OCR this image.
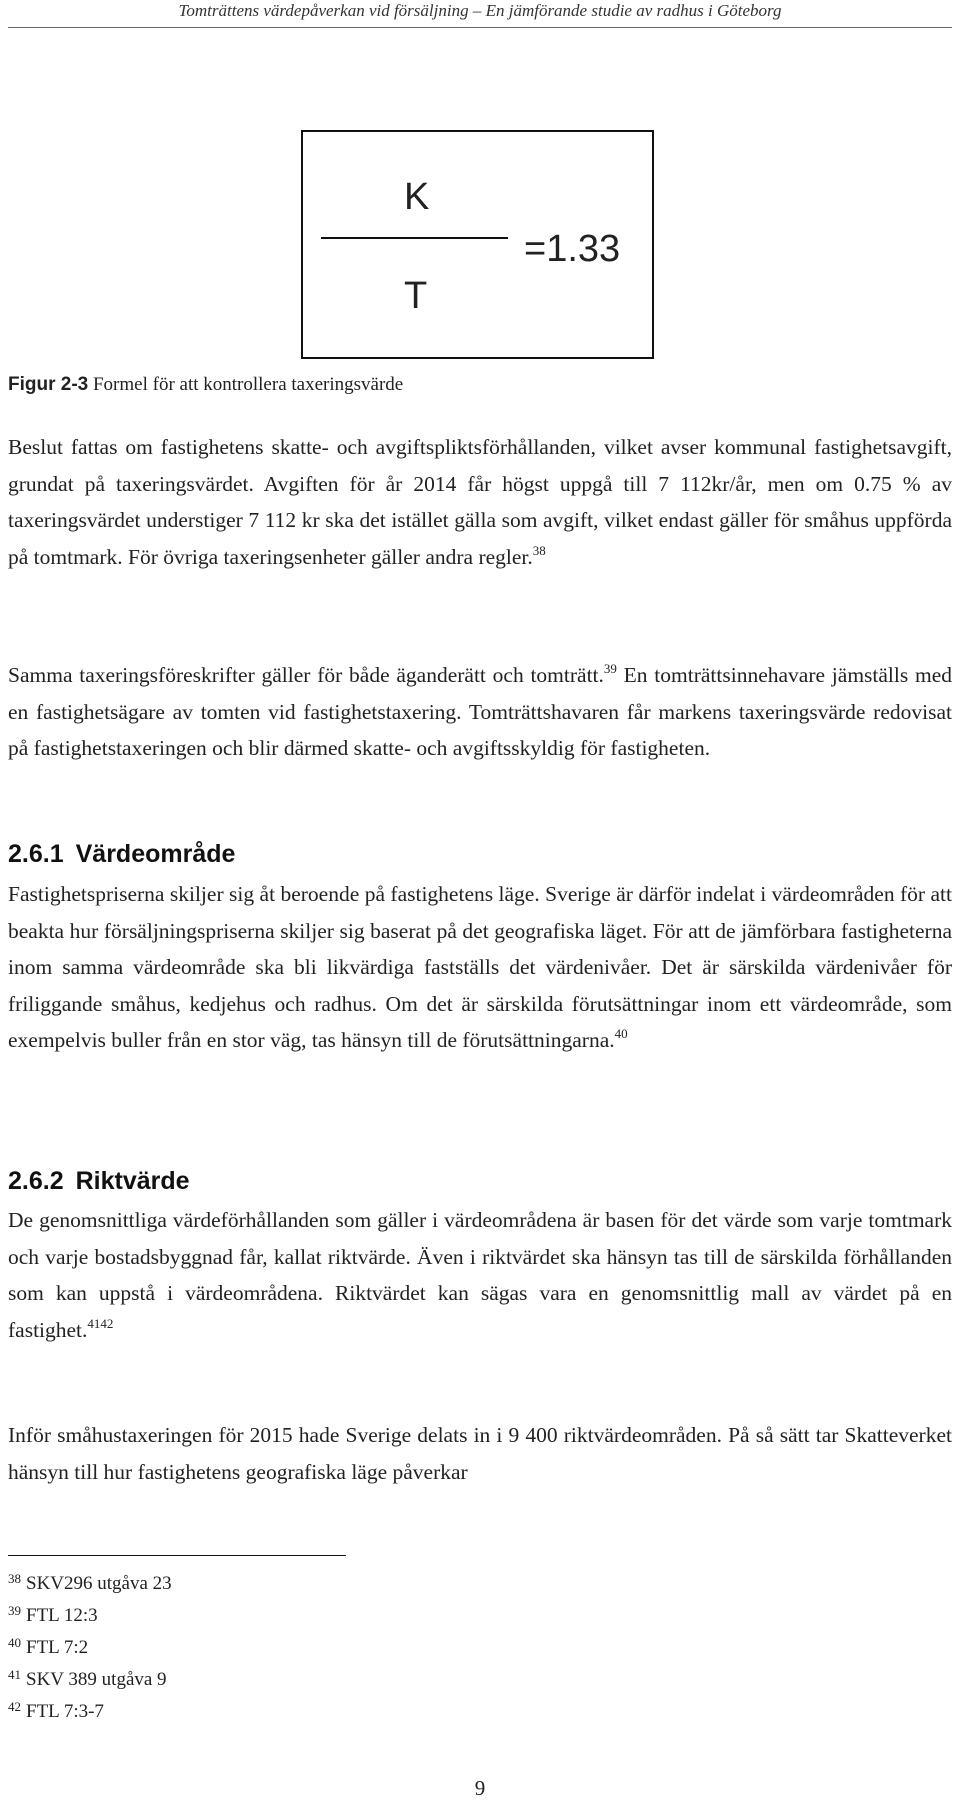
Tomträttens värdepåverkan vid försäljning – En jämförande studie av radhus i Göteborg
K
=1.33
T
Figur 2-3 Formel för att kontrollera taxeringsvärde

Beslut fattas om fastighetens skatte- och avgiftspliktsförhållanden, vilket avser kommunal fastighetsavgift, grundat på taxeringsvärdet. Avgiften för år 2014 får högst uppgå till 7 112kr/år, men om 0.75 % av taxeringsvärdet understiger 7 112 kr ska det istället gälla som avgift, vilket endast gäller för småhus uppförda på tomtmark. För övriga taxeringsenheter gäller andra regler.$^{38}$

Samma taxeringsföreskrifter gäller för både äganderätt och tomträtt.$^{39}$ En tomträttsinnehavare jämställs med en fastighetsägare av tomten vid fastighetstaxering. Tomträttshavaren får markens taxeringsvärde redovisat på fastighetstaxeringen och blir därmed skatte- och avgiftsskyldig för fastigheten.

2.6.1 Värdeområde

Fastighetspriserna skiljer sig åt beroende på fastighetens läge. Sverige är därför indelat i värdeområden för att beakta hur försäljningspriserna skiljer sig baserat på det geografiska läget. För att de jämförbara fastigheterna inom samma värdeområde ska bli likvärdiga fastställs det värdenivåer. Det är särskilda värdenivåer för friliggande småhus, kedjehus och radhus. Om det är särskilda förutsättningar inom ett värdeområde, som exempelvis buller från en stor väg, tas hänsyn till de förutsättningarna.$^{40}$

2.6.2 Riktvärde

De genomsnittliga värdeförhållanden som gäller i värdeområdena är basen för det värde som varje tomtmark och varje bostadsbyggnad får, kallat riktvärde. Även i riktvärdet ska hänsyn tas till de särskilda förhållanden som kan uppstå i värdeområdena. Riktvärdet kan sägas vara en genomsnittlig mall av värdet på en fastighet.$^{4142}$

Inför småhustaxeringen för 2015 hade Sverige delats in i 9 400 riktvärdeområden. På så sätt tar Skatteverket hänsyn till hur fastighetens geografiska läge påverkar

$^{38}$ SKV296 utgåva 23
$^{39}$ FTL 12:3
$^{40}$ FTL 7:2
$^{41}$ SKV 389 utgåva 9
$^{42}$ FTL 7:3-7
9
